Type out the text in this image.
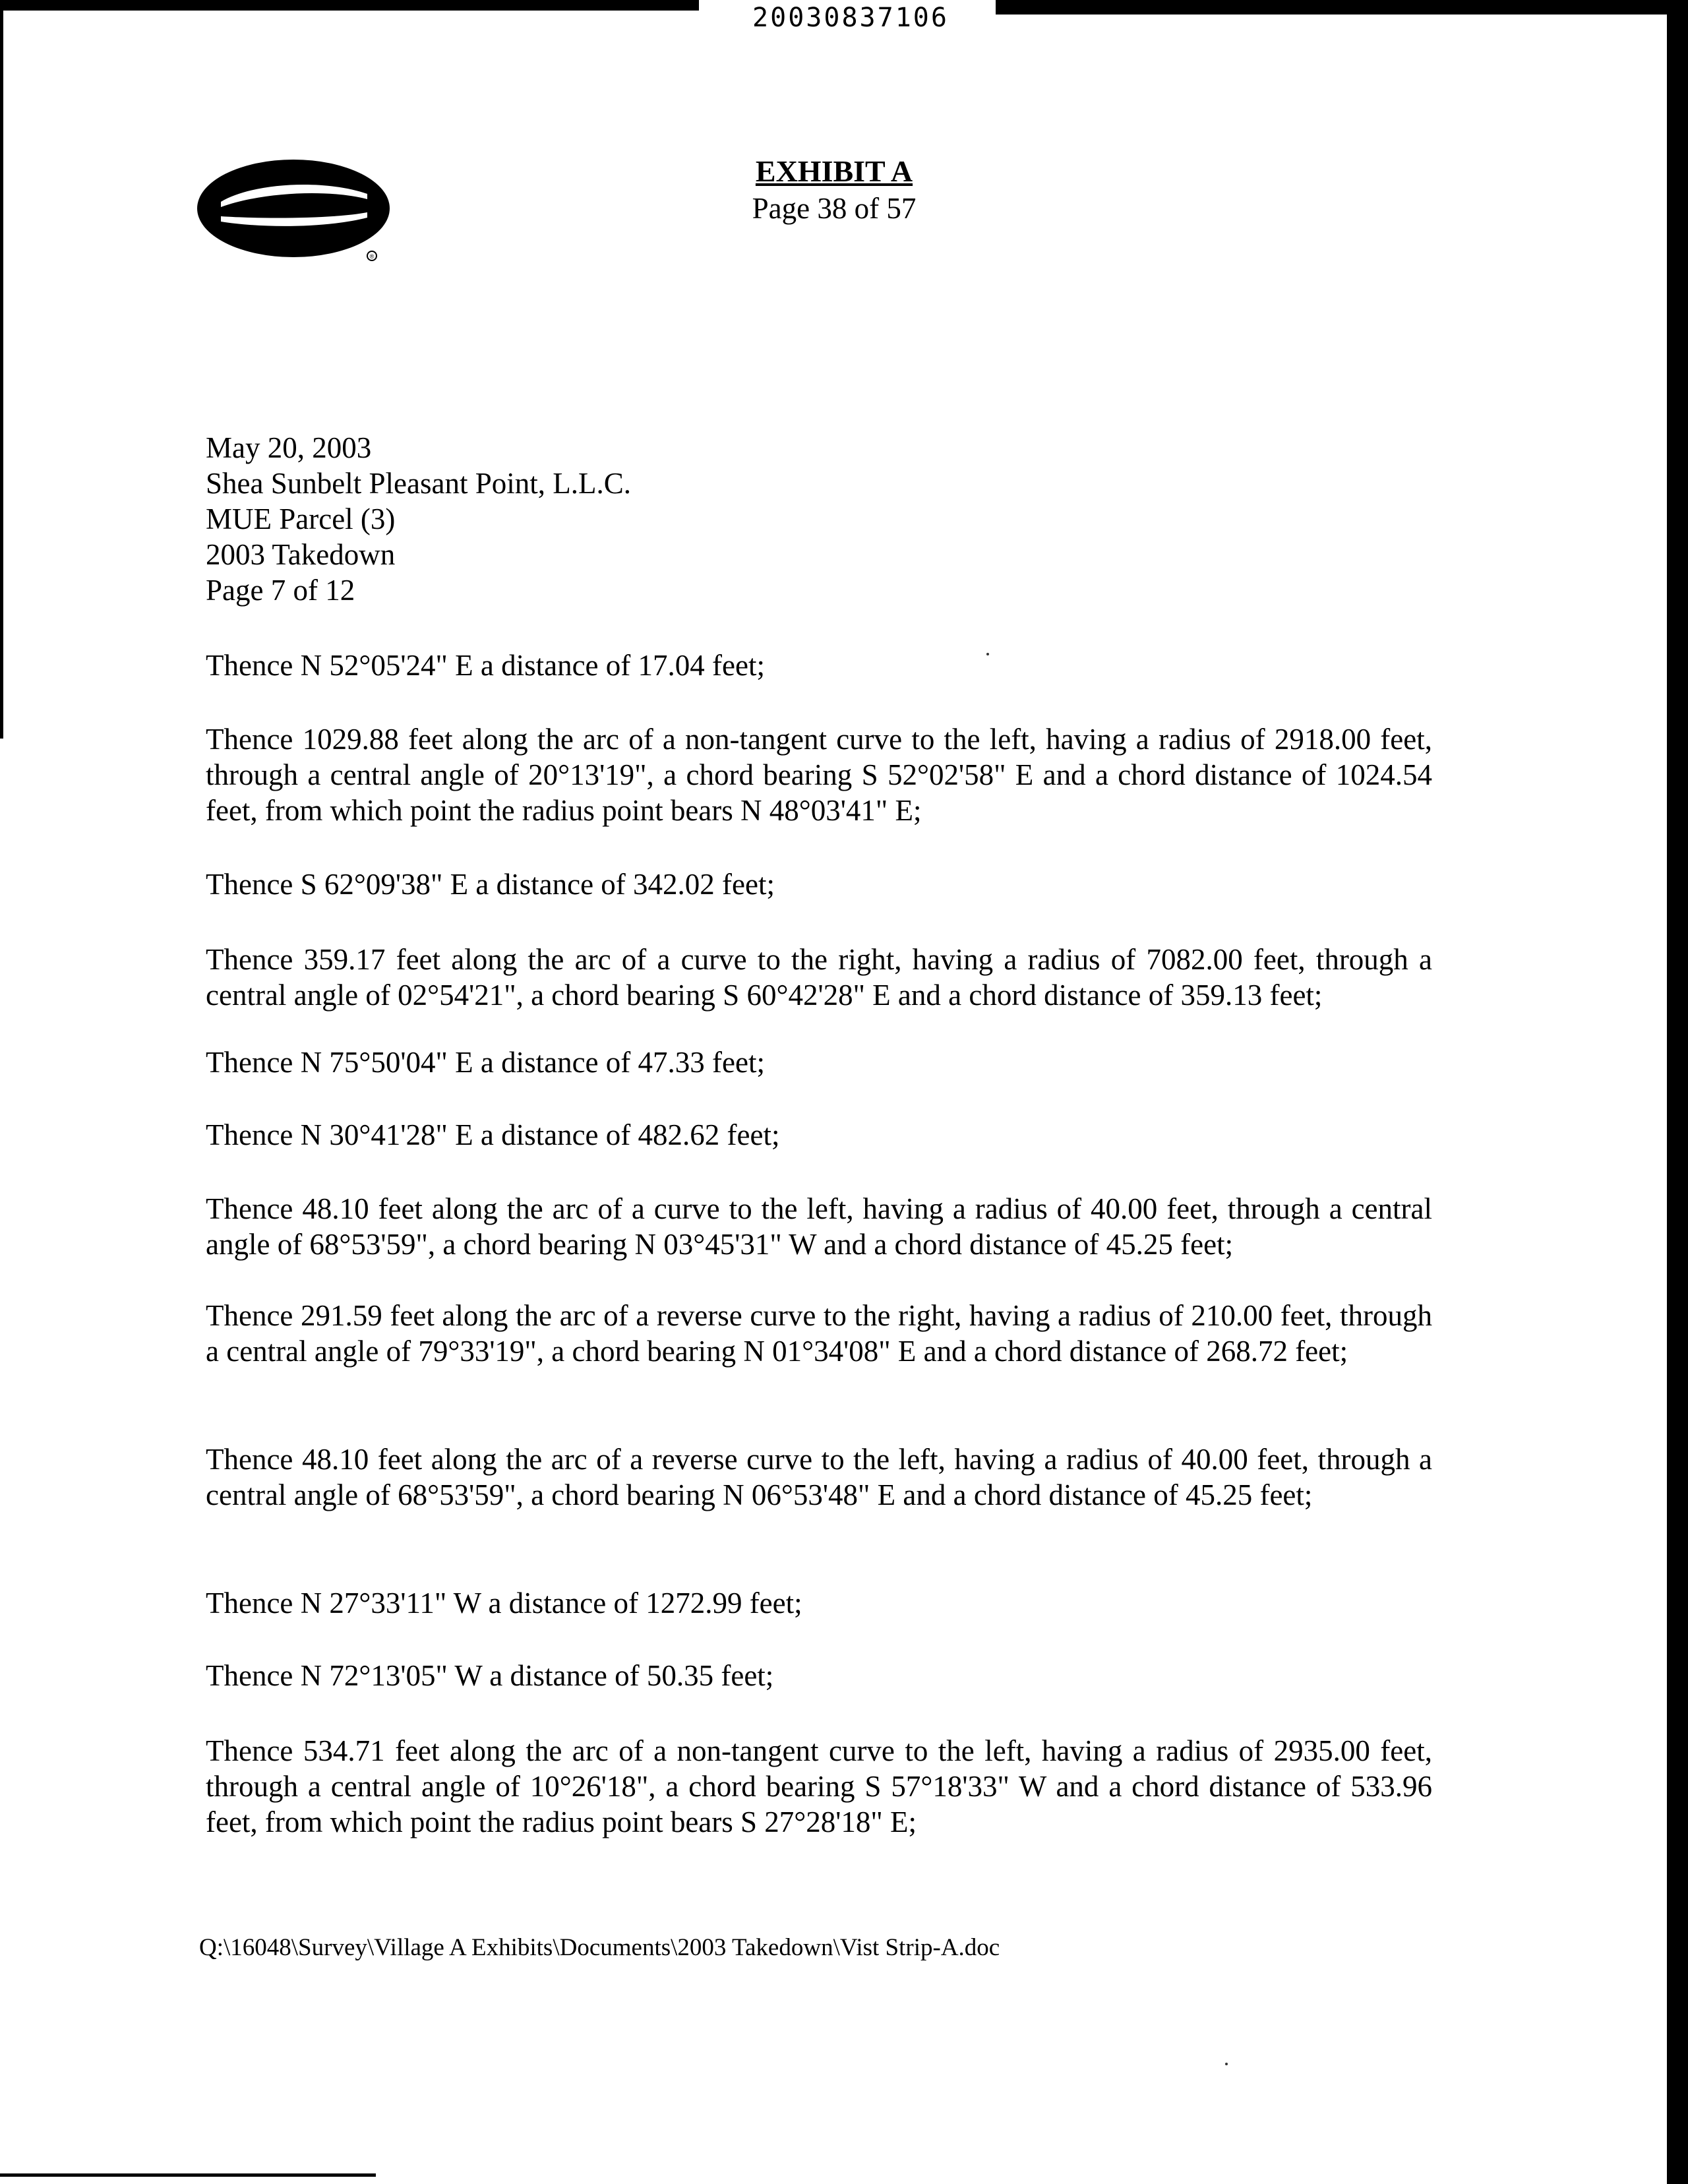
20030837106
®
EXHIBIT A
Page 38 of 57
May 20, 2003
Shea Sunbelt Pleasant Point, L.L.C.
MUE Parcel (3)
2003 Takedown
Page 7 of 12
Thence N 52°05'24" E a distance of 17.04 feet;
Thence 1029.88 feet along the arc of a non-tangent curve to the left, having a radius of 2918.00 feet, through a central angle of 20°13'19", a chord bearing S 52°02'58" E and a chord distance of 1024.54 feet, from which point the radius point bears N 48°03'41" E;
Thence S 62°09'38" E a distance of 342.02 feet;
Thence 359.17 feet along the arc of a curve to the right, having a radius of 7082.00 feet, through a central angle of 02°54'21", a chord bearing S 60°42'28" E and a chord distance of 359.13 feet;
Thence N 75°50'04" E a distance of 47.33 feet;
Thence N 30°41'28" E a distance of 482.62 feet;
Thence 48.10 feet along the arc of a curve to the left, having a radius of 40.00 feet, through a central angle of 68°53'59", a chord bearing N 03°45'31" W and a chord distance of 45.25 feet;
Thence 291.59 feet along the arc of a reverse curve to the right, having a radius of 210.00 feet, through a central angle of 79°33'19", a chord bearing N 01°34'08" E and a chord distance of 268.72 feet;
Thence 48.10 feet along the arc of a reverse curve to the left, having a radius of 40.00 feet, through a central angle of 68°53'59", a chord bearing N 06°53'48" E and a chord distance of 45.25 feet;
Thence N 27°33'11" W a distance of 1272.99 feet;
Thence N 72°13'05" W a distance of 50.35 feet;
Thence 534.71 feet along the arc of a non-tangent curve to the left, having a radius of 2935.00 feet, through a central angle of 10°26'18", a chord bearing S 57°18'33" W and a chord distance of 533.96 feet, from which point the radius point bears S 27°28'18" E;
Q:\16048\Survey\Village A Exhibits\Documents\2003 Takedown\Vist Strip-A.doc
